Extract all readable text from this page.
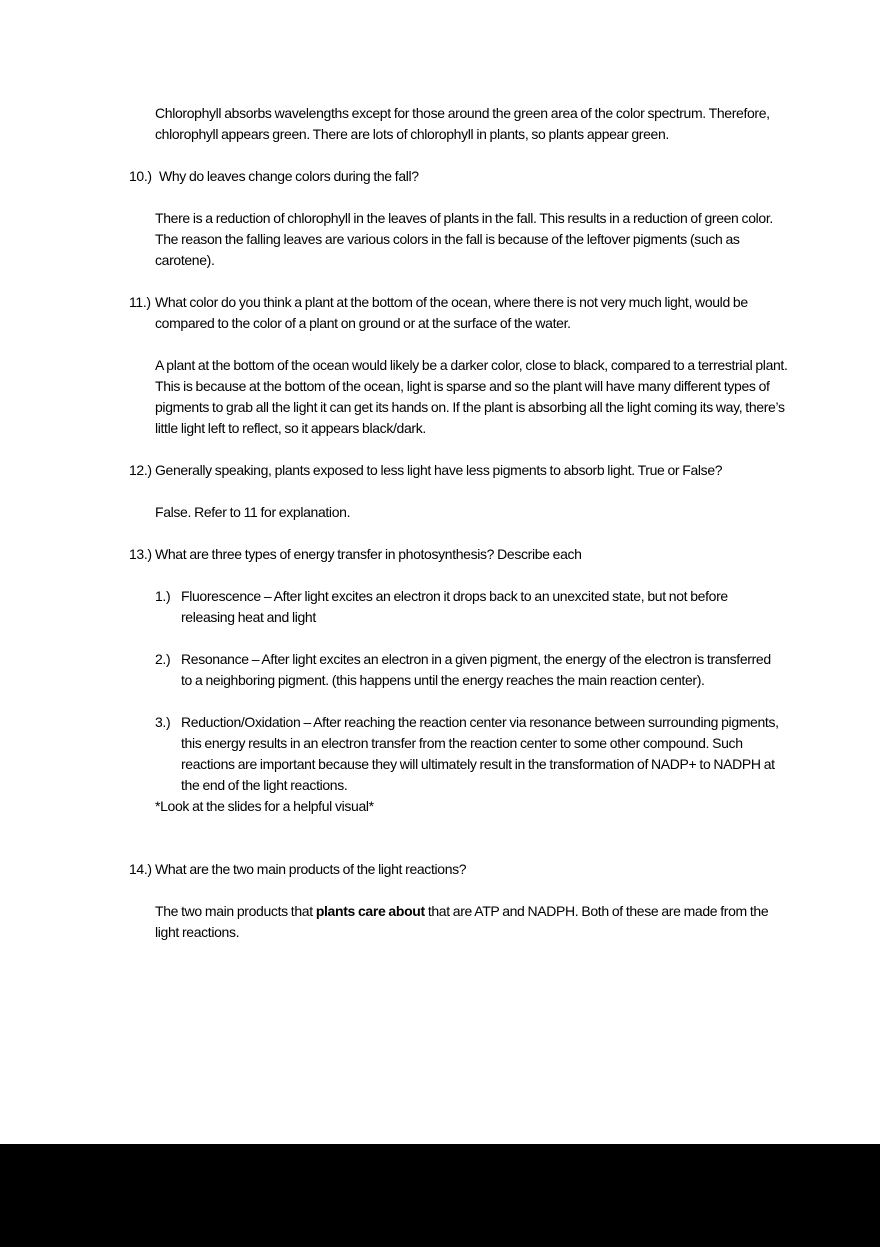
Chlorophyll absorbs wavelengths except for those around the green area of the color spectrum. Therefore, chlorophyll appears green. There are lots of chlorophyll in plants, so plants appear green.

10.) Why do leaves change colors during the fall?

There is a reduction of chlorophyll in the leaves of plants in the fall. This results in a reduction of green color. The reason the falling leaves are various colors in the fall is because of the leftover pigments (such as carotene).

11.) What color do you think a plant at the bottom of the ocean, where there is not very much light, would be compared to the color of a plant on ground or at the surface of the water.

A plant at the bottom of the ocean would likely be a darker color, close to black, compared to a terrestrial plant. This is because at the bottom of the ocean, light is sparse and so the plant will have many different types of pigments to grab all the light it can get its hands on. If the plant is absorbing all the light coming its way, there’s little light left to reflect, so it appears black/dark.

12.) Generally speaking, plants exposed to less light have less pigments to absorb light. True or False?

False. Refer to 11 for explanation.

13.) What are three types of energy transfer in photosynthesis? Describe each
1.) Fluorescence – After light excites an electron it drops back to an unexcited state, but not before releasing heat and light
2.) Resonance – After light excites an electron in a given pigment, the energy of the electron is transferred to a neighboring pigment. (this happens until the energy reaches the main reaction center).
3.) Reduction/Oxidation – After reaching the reaction center via resonance between surrounding pigments, this energy results in an electron transfer from the reaction center to some other compound. Such reactions are important because they will ultimately result in the transformation of NADP+ to NADPH at the end of the light reactions.

*Look at the slides for a helpful visual*

14.) What are the two main products of the light reactions?

The two main products that plants care about that are ATP and NADPH. Both of these are made from the light reactions.
